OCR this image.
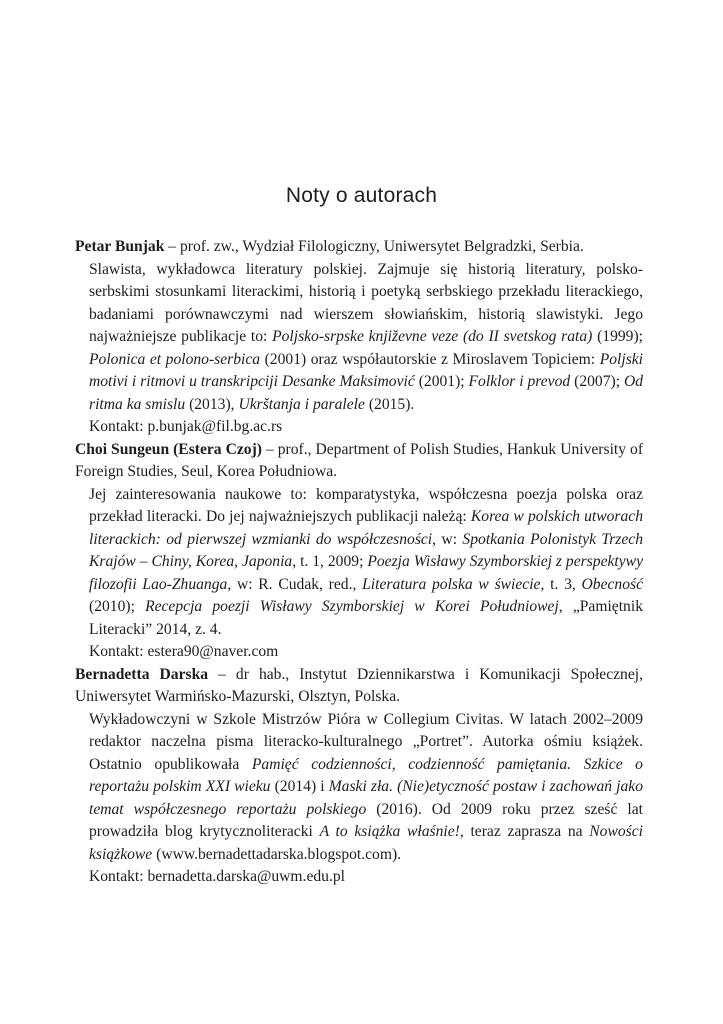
Noty o autorach

Petar Bunjak – prof. zw., Wydział Filologiczny, Uniwersytet Belgradzki, Serbia.

Slawista, wykładowca literatury polskiej. Zajmuje się historią literatury, polsko-serbskimi stosunkami literackimi, historią i poetyką serbskiego przekładu literackiego, badaniami porównawczymi nad wierszem słowiańskim, historią slawistyki. Jego najważniejsze publikacje to: Poljsko-srpske književne veze (do II svetskog rata) (1999); Polonica et polono-serbica (2001) oraz współautorskie z Miroslavem Topiciem: Poljski motivi i ritmovi u transkripciji Desanke Maksimović (2001); Folklor i prevod (2007); Od ritma ka smislu (2013), Ukrštanja i paralele (2015).

Kontakt: p.bunjak@fil.bg.ac.rs

Choi Sungeun (Estera Czoj) – prof., Department of Polish Studies, Hankuk University of Foreign Studies, Seul, Korea Południowa.

Jej zainteresowania naukowe to: komparatystyka, współczesna poezja polska oraz przekład literacki. Do jej najważniejszych publikacji należą: Korea w polskich utworach literackich: od pierwszej wzmianki do współczesności, w: Spotkania Polonistyk Trzech Krajów – Chiny, Korea, Japonia, t. 1, 2009; Poezja Wisławy Szymborskiej z perspektywy filozofii Lao-Zhuanga, w: R. Cudak, red., Literatura polska w świecie, t. 3, Obecność (2010); Recepcja poezji Wisławy Szymborskiej w Korei Południowej, „Pamiętnik Literacki” 2014, z. 4.

Kontakt: estera90@naver.com

Bernadetta Darska – dr hab., Instytut Dziennikarstwa i Komunikacji Społecznej, Uniwersytet Warmińsko-Mazurski, Olsztyn, Polska.

Wykładowczyni w Szkole Mistrzów Pióra w Collegium Civitas. W latach 2002–2009 redaktor naczelna pisma literacko-kulturalnego „Portret”. Autorka ośmiu książek. Ostatnio opublikowała Pamięć codzienności, codzienność pamiętania. Szkice o reportażu polskim XXI wieku (2014) i Maski zła. (Nie)etyczność postaw i zachowań jako temat współczesnego reportażu polskiego (2016). Od 2009 roku przez sześć lat prowadziła blog krytycznoliteracki A to książka właśnie!, teraz zaprasza na Nowości książkowe (www.bernadettadarska.blogspot.com).

Kontakt: bernadetta.darska@uwm.edu.pl
